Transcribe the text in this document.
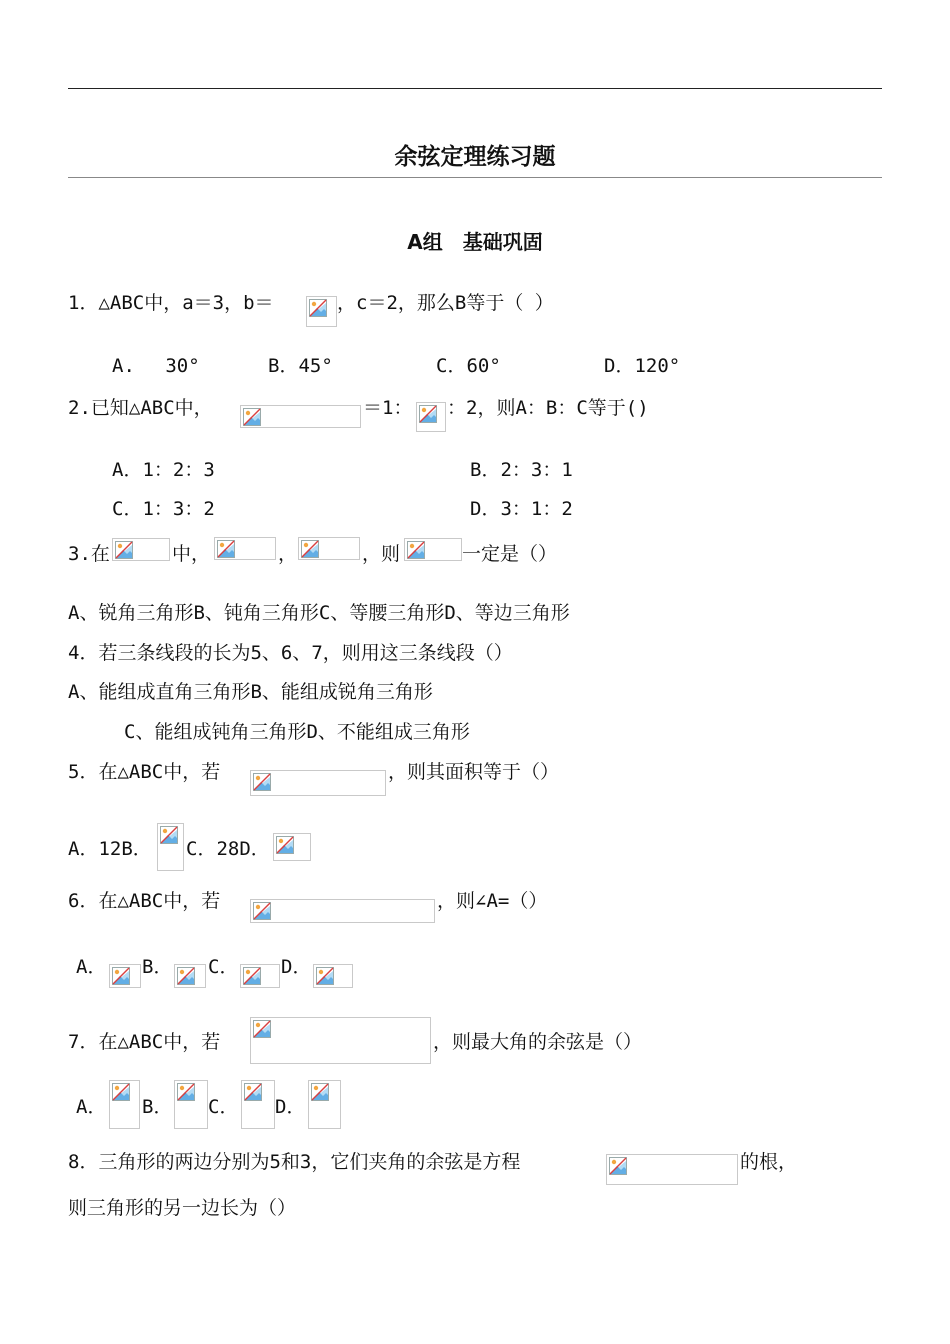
余弦定理练习题
A组　基础巩固
1．△ABC中，a＝3，b＝	，c＝2，那么B等于（ ）
A.　 30°	B．45°	C．60°	D．120°
2.已知△ABC中，	＝1： ：2，则A：B：C等于()
A．1：2：3	B．2：3：1
C．1：3：2	D．3：1：2
3.在	中，	，	，则	一定是（）
A、锐角三角形B、钝角三角形C、等腰三角形D、等边三角形
4．若三条线段的长为5、6、7，则用这三条线段（）
A、能组成直角三角形B、能组成锐角三角形
C、能组成钝角三角形D、不能组成三角形
5．在△ABC中，若	，则其面积等于（）
A．12B． C．28D．
6．在△ABC中，若	，则∠A=（）
A． B． C． D．
7．在△ABC中，若	，则最大角的余弦是（）
A． B． C． D．
8．三角形的两边分别为5和3，它们夹角的余弦是方程	的根，
则三角形的另一边长为（）
